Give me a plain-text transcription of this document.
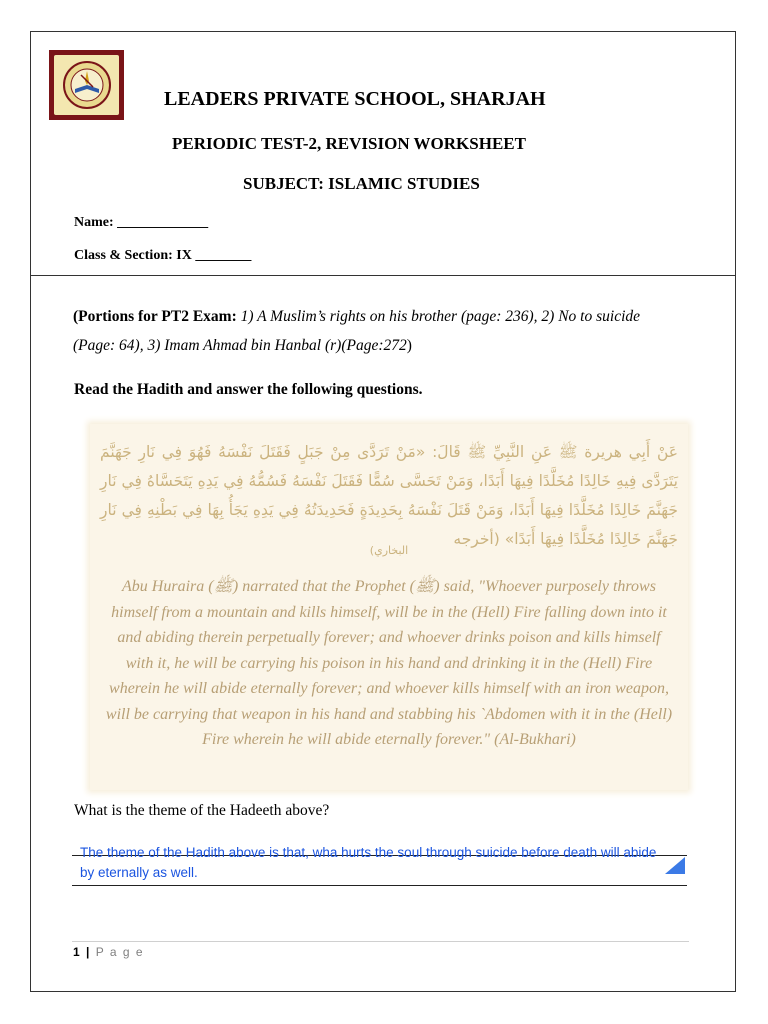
LEADERS PRIVATE SCHOOL, SHARJAH
PERIODIC TEST-2, REVISION WORKSHEET
SUBJECT: ISLAMIC STUDIES
Name: _____________
Class & Section: IX ________
(Portions for PT2 Exam: 1) A Muslim’s rights on his brother (page: 236), 2) No to suicide (Page: 64), 3) Imam Ahmad bin Hanbal (r)(Page:272)
Read the Hadith and answer the following questions.
عَنْ أَبِي هريرة ﷺ عَنِ النَّبِيِّ ﷺ قَالَ: «مَنْ تَرَدَّى مِنْ جَبَلٍ فَقَتَلَ نَفْسَهُ فَهُوَ فِي نَارِ جَهَنَّمَ يَتَرَدَّى فِيهِ خَالِدًا مُخَلَّدًا فِيهَا أَبَدًا، وَمَنْ تَحَسَّى سُمًّا فَقَتَلَ نَفْسَهُ فَسُمُّهُ فِي يَدِهِ يَتَحَسَّاهُ فِي نَارِ جَهَنَّمَ خَالِدًا مُخَلَّدًا فِيهَا أَبَدًا، وَمَنْ قَتَلَ نَفْسَهُ بِحَدِيدَةٍ فَحَدِيدَتُهُ فِي يَدِهِ يَجَأُ بِهَا فِي بَطْنِهِ فِي نَارِ جَهَنَّمَ خَالِدًا مُخَلَّدًا فِيهَا أَبَدًا» (أخرجه
البخاري)
Abu Huraira (ﷺ) narrated that the Prophet (ﷺ) said, "Whoever purposely throws himself from a mountain and kills himself, will be in the (Hell) Fire falling down into it and abiding therein perpetually forever; and whoever drinks poison and kills himself with it, he will be carrying his poison in his hand and drinking it in the (Hell) Fire wherein he will abide eternally forever; and whoever kills himself with an iron weapon, will be carrying that weapon in his hand and stabbing his `Abdomen with it in the (Hell) Fire wherein he will abide eternally forever." (Al-Bukhari)
What is the theme of the Hadeeth above?
The theme of the Hadith above is that, wha hurts the soul through suicide before death will abide by eternally as well.
1 | P a g e
